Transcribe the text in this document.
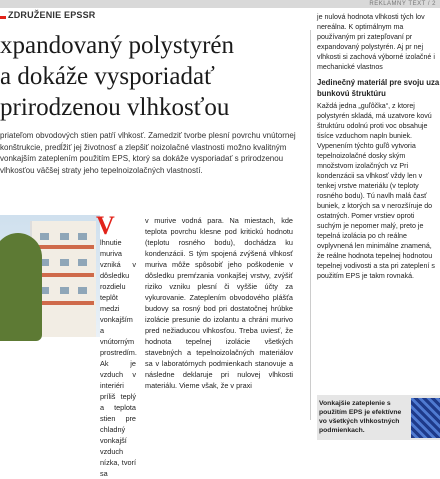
REKLAMNÝ TEXT / 2
ZDRUŽENIE EPSSR
xpandovaný polystyrén
a dokáže vysporiadať
prirodzenou vlhkosťou
priateľom obvodových stien patŕí vlhkosť. Zamedziť tvorbe plesní povrchu vnútornej konštrukcie, predĺžiť jej životnosť a zlepšiť noizolačné vlastnosti možno kvalitným vonkajším zateplením použitím EPS, ktorý sa dokáže vysporiadať s prirodzenou vlhkosťou väčšej straty jeho tepelnoizolačných vlastností.
V
lhnutie muriva vzniká v dôsledku rozdielu teplôt medzi vonkajším a vnútorným prostredím. Ak je vzduch v interiéri príliš teplý a teplota stien pre chladný vonkajší vzduch nízka, tvorí sa
v murive vodná para. Na miestach, kde teplota povrchu klesne pod kritickú hodnotu (teplotu rosného bodu), dochádza ku kondenzácii. S tým spojená zvýšená vlhkosť muriva môže spôsobiť jeho poškodenie v dôsledku premŕzania vonkajšej vrstvy, zvýšiť riziko vzniku plesní či vyššie účty za vykurovanie. Zateplením obvodového plášťa budovy sa rosný bod pri dostatočnej hrúbke izolácie presunie do izolantu a chráni murivo pred nežiaducou vlhkosťou. Treba uviesť, že hodnota tepelnej izolácie všetkých stavebných a tepelnoizolačných materiálov sa v laboratórnych podmienkach stanovuje a následne deklaruje pri nulovej vlhkosti materiálu. Vieme však, že v praxi
je nulová hodnota vlhkosti tých lov nereálna. K optimálnym ma používaným pri zatepľovaní pr expandovaný polystyrén. Aj pr nej vlhkosti si zachová výborné izolačné i mechanické vlastnos
Jedinečný materiál pre svoju uza bunkovú štruktúru
Každá jedna „guľôčka“, z ktorej polystyrén skladá, má uzatvore kovú štruktúru odolnú proti voc obsahuje tisíce vzduchom napln buniek. Vypenením týchto guľô vytvoria tepelnoizolačné dosky ským množstvom izolačných vz Pri kondenzácii sa vlhkosť vždy len v tenkej vrstve materiálu (v teploty rosného bodu). Tú navlh malá časť buniek, z ktorých sa v nerozšíruje do ostatných. Pomer vrstiev oproti suchým je nepomer malý, preto je tepelná izolácia po ch reálne ovplyvnená len minimálne znamená, že reálne hodnota tepelnej hodnotou tepelnej vodivosti a sta pri zateplení s použitím EPS je takm rovnaká.
Vonkajšie zateplenie s použitím EPS je efektívne vo všetkých vlhkostných podmienkach.
